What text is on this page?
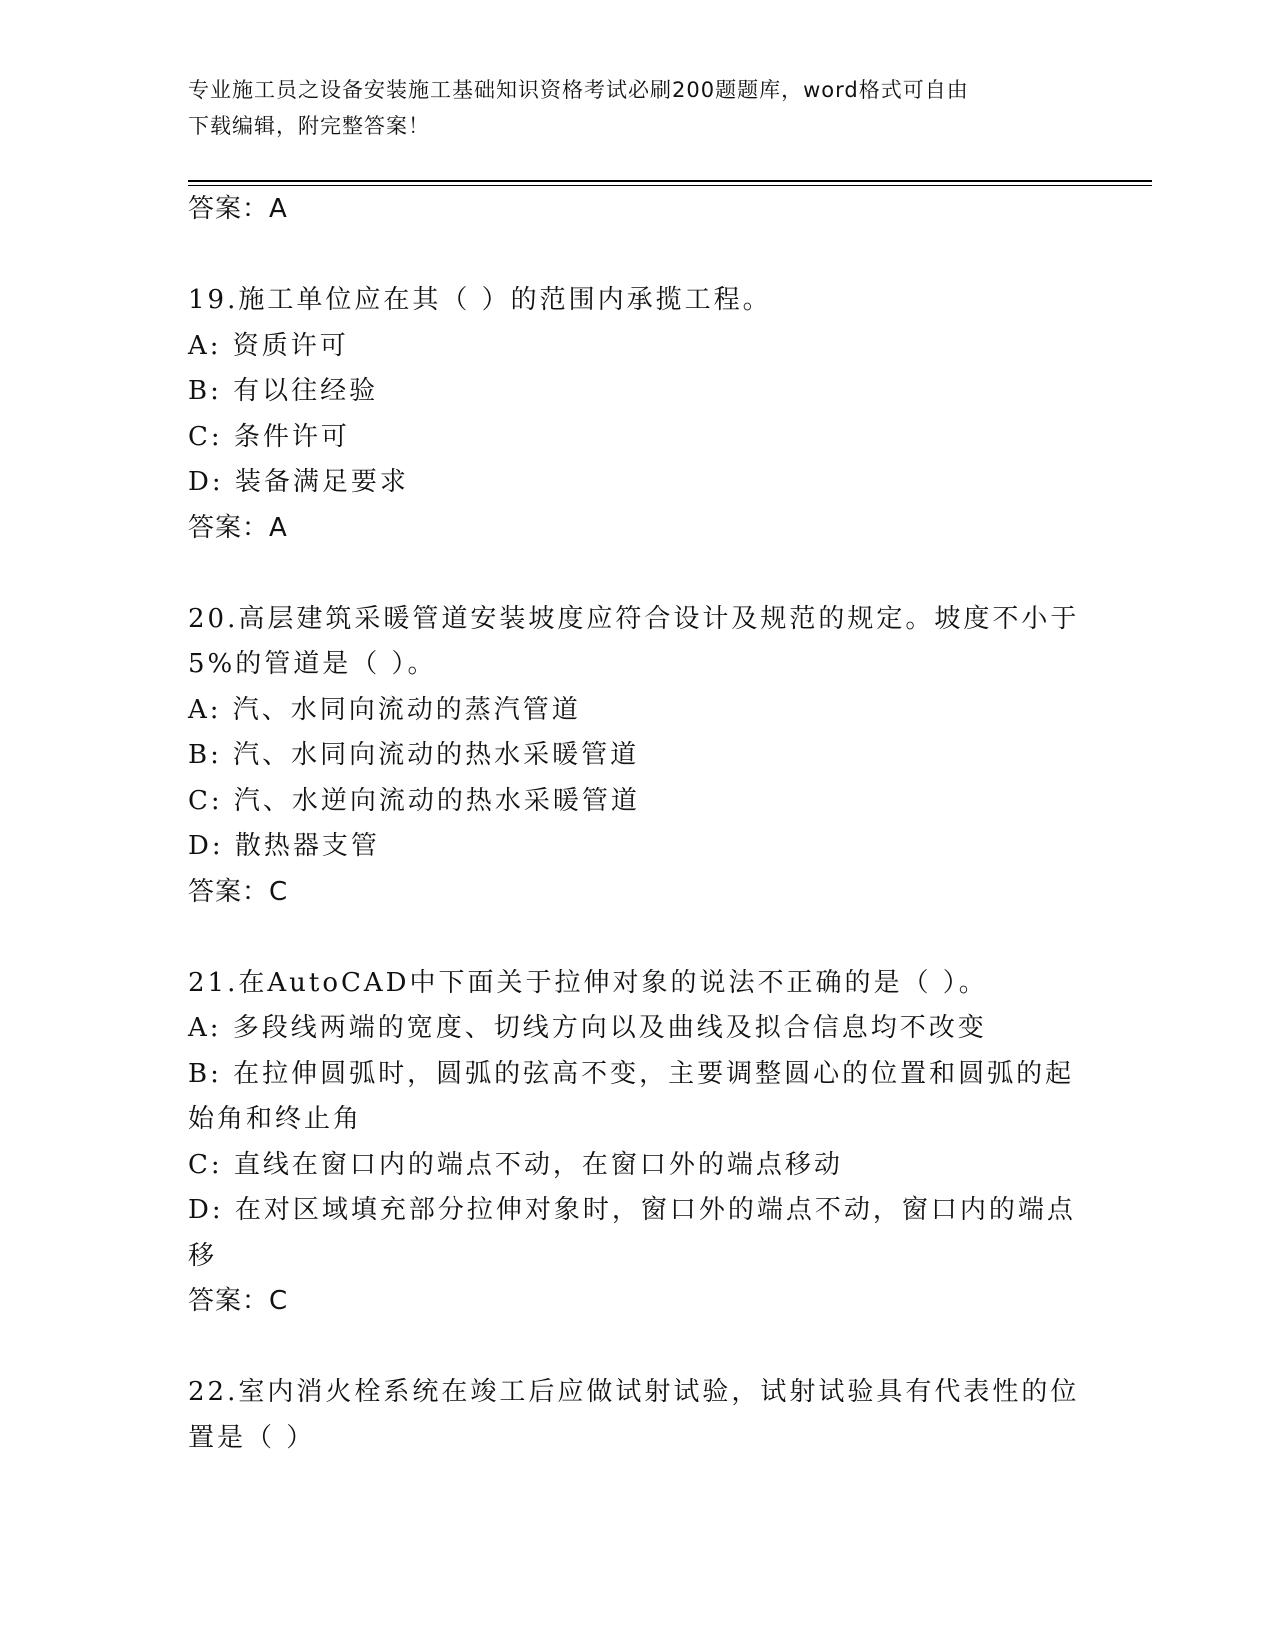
专业施工员之设备安装施工基础知识资格考试必刷200题题库，word格式可自由
下载编辑，附完整答案！
答案：A
19.施工单位应在其（ ）的范围内承揽工程。
A: 资质许可
B: 有以往经验
C: 条件许可
D: 装备满足要求
答案：A
20.高层建筑采暖管道安装坡度应符合设计及规范的规定。坡度不小于
5%的管道是（ ）。
A: 汽、水同向流动的蒸汽管道
B: 汽、水同向流动的热水采暖管道
C: 汽、水逆向流动的热水采暖管道
D: 散热器支管
答案：C
21.在AutoCAD中下面关于拉伸对象的说法不正确的是（ ）。
A: 多段线两端的宽度、切线方向以及曲线及拟合信息均不改变
B: 在拉伸圆弧时，圆弧的弦高不变，主要调整圆心的位置和圆弧的起
始角和终止角
C: 直线在窗口内的端点不动，在窗口外的端点移动
D: 在对区域填充部分拉伸对象时，窗口外的端点不动，窗口内的端点
移
答案：C
22.室内消火栓系统在竣工后应做试射试验，试射试验具有代表性的位
置是（ ）
